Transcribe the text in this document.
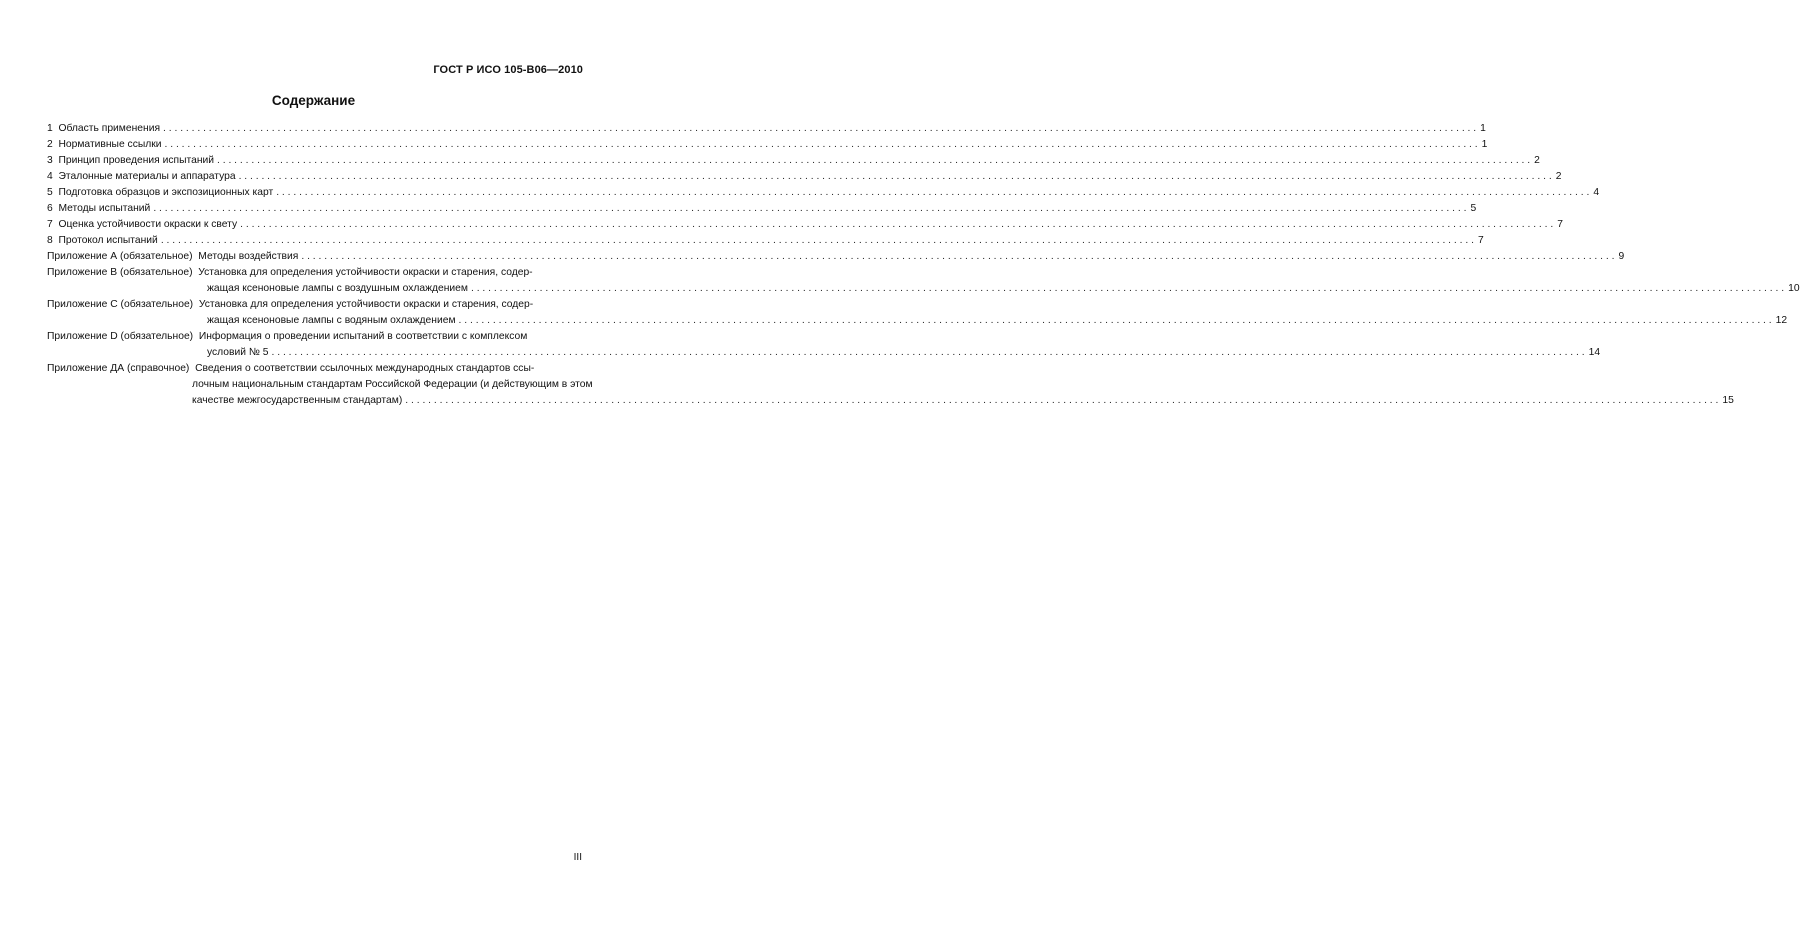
ГОСТ Р ИСО 105-В06—2010
Содержание
1 Область применения . . .	1
2 Нормативные ссылки . . .	1
3 Принцип проведения испытаний . . .	2
4 Эталонные материалы и аппаратура . . .	2
5 Подготовка образцов и экспозиционных карт . . .	4
6 Методы испытаний . . .	5
7 Оценка устойчивости окраски к свету . . .	7
8 Протокол испытаний . . .	7
Приложение А (обязательное) Методы воздействия . . .	9
Приложение В (обязательное) Установка для определения устойчивости окраски и старения, содер-
жащая ксеноновые лампы с воздушным охлаждением . . .	10
Приложение С (обязательное) Установка для определения устойчивости окраски и старения, содер-
жащая ксеноновые лампы с водяным охлаждением . . .	12
Приложение D (обязательное) Информация о проведении испытаний в соответствии с комплексом
условий № 5 . . .	14
Приложение ДА (справочное) Сведения о соответствии ссылочных международных стандартов ссы-
лочным национальным стандартам Российской Федерации (и действующим в этом
качестве межгосударственным стандартам) . . .	15
III
